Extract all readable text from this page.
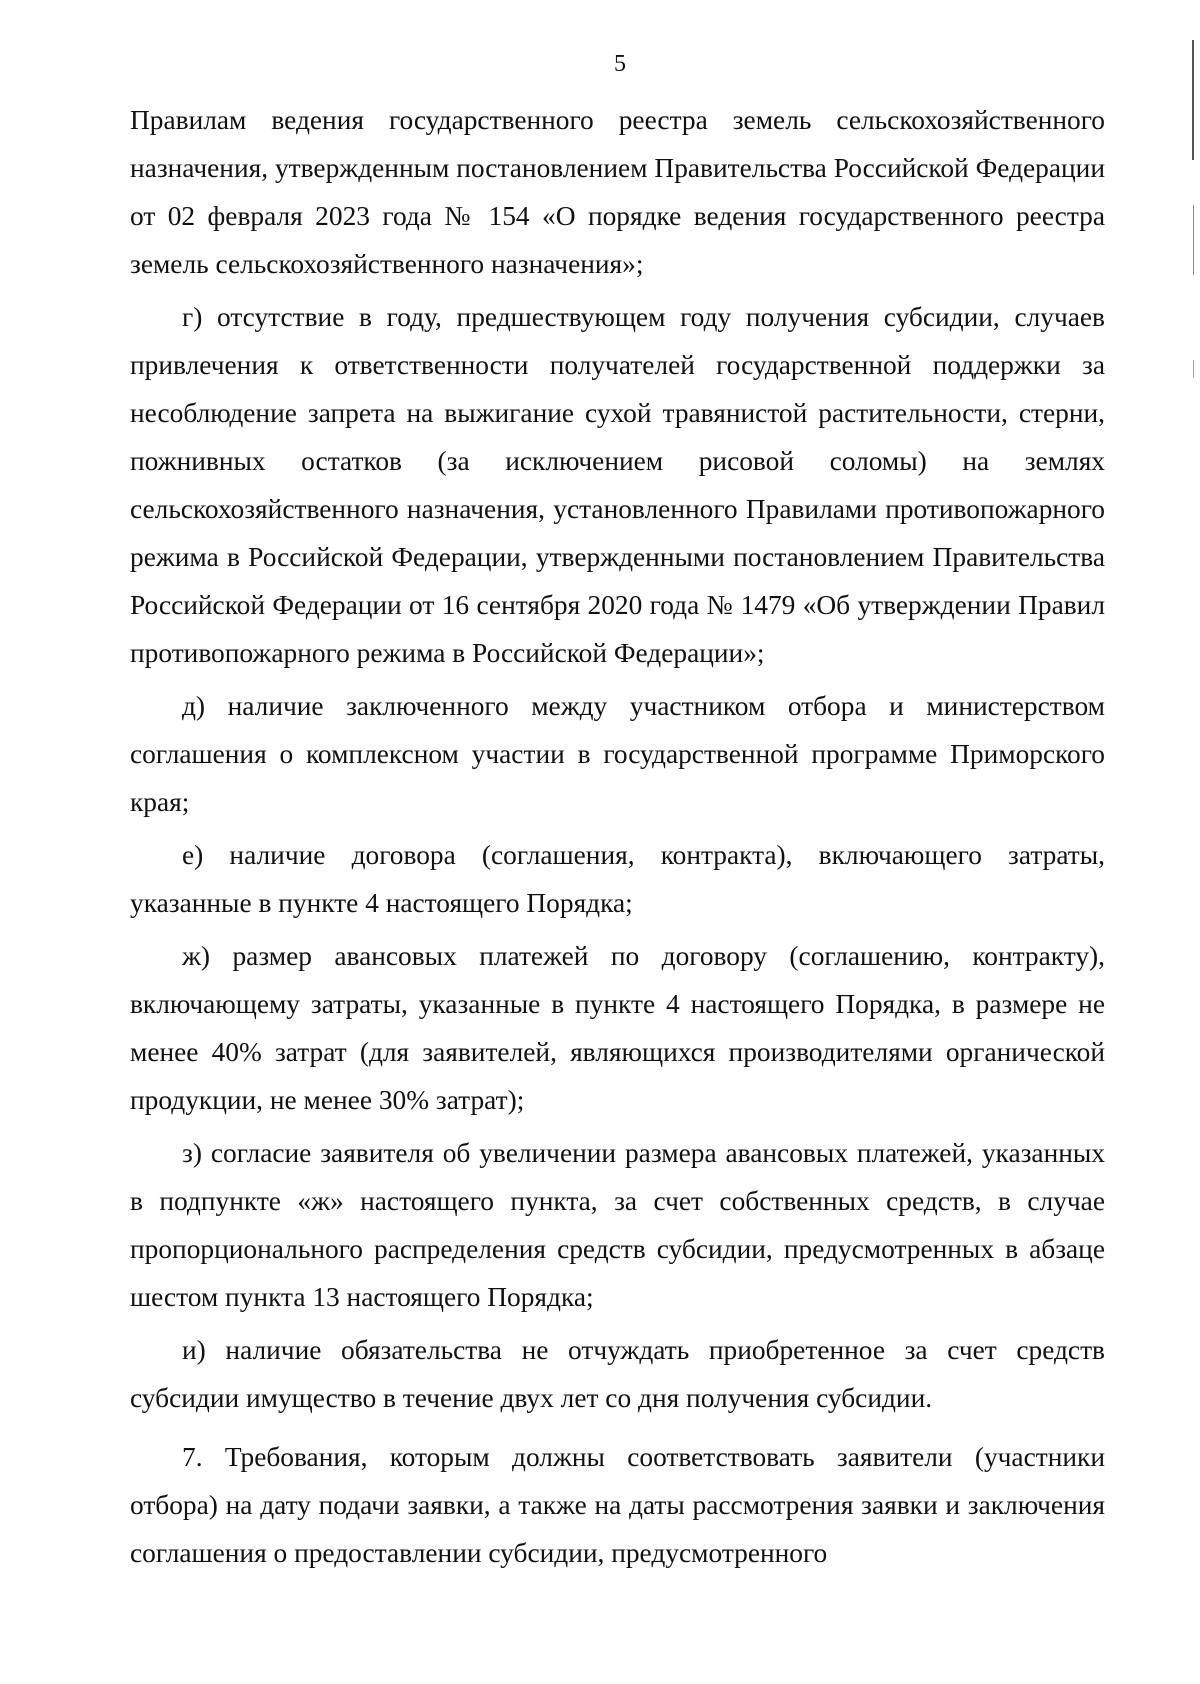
5

Правилам ведения государственного реестра земель сельскохозяйственного назначения, утвержденным постановлением Правительства Российской Федерации от 02 февраля 2023 года № 154 «О порядке ведения государственного реестра земель сельскохозяйственного назначения»;

г) отсутствие в году, предшествующем году получения субсидии, случаев привлечения к ответственности получателей государственной поддержки за несоблюдение запрета на выжигание сухой травянистой растительности, стерни, пожнивных остатков (за исключением рисовой соломы) на землях сельскохозяйственного назначения, установленного Правилами противопожарного режима в Российской Федерации, утвержденными постановлением Правительства Российской Федерации от 16 сентября 2020 года № 1479 «Об утверждении Правил противопожарного режима в Российской Федерации»;

д) наличие заключенного между участником отбора и министерством соглашения о комплексном участии в государственной программе Приморского края;

е) наличие договора (соглашения, контракта), включающего затраты, указанные в пункте 4 настоящего Порядка;

ж) размер авансовых платежей по договору (соглашению, контракту), включающему затраты, указанные в пункте 4 настоящего Порядка, в размере не менее 40% затрат (для заявителей, являющихся производителями органической продукции, не менее 30% затрат);

з) согласие заявителя об увеличении размера авансовых платежей, указанных в подпункте «ж» настоящего пункта, за счет собственных средств, в случае пропорционального распределения средств субсидии, предусмотренных в абзаце шестом пункта 13 настоящего Порядка;

и) наличие обязательства не отчуждать приобретенное за счет средств субсидии имущество в течение двух лет со дня получения субсидии.

7. Требования, которым должны соответствовать заявители (участники отбора) на дату подачи заявки, а также на даты рассмотрения заявки и заключения соглашения о предоставлении субсидии, предусмотренного
